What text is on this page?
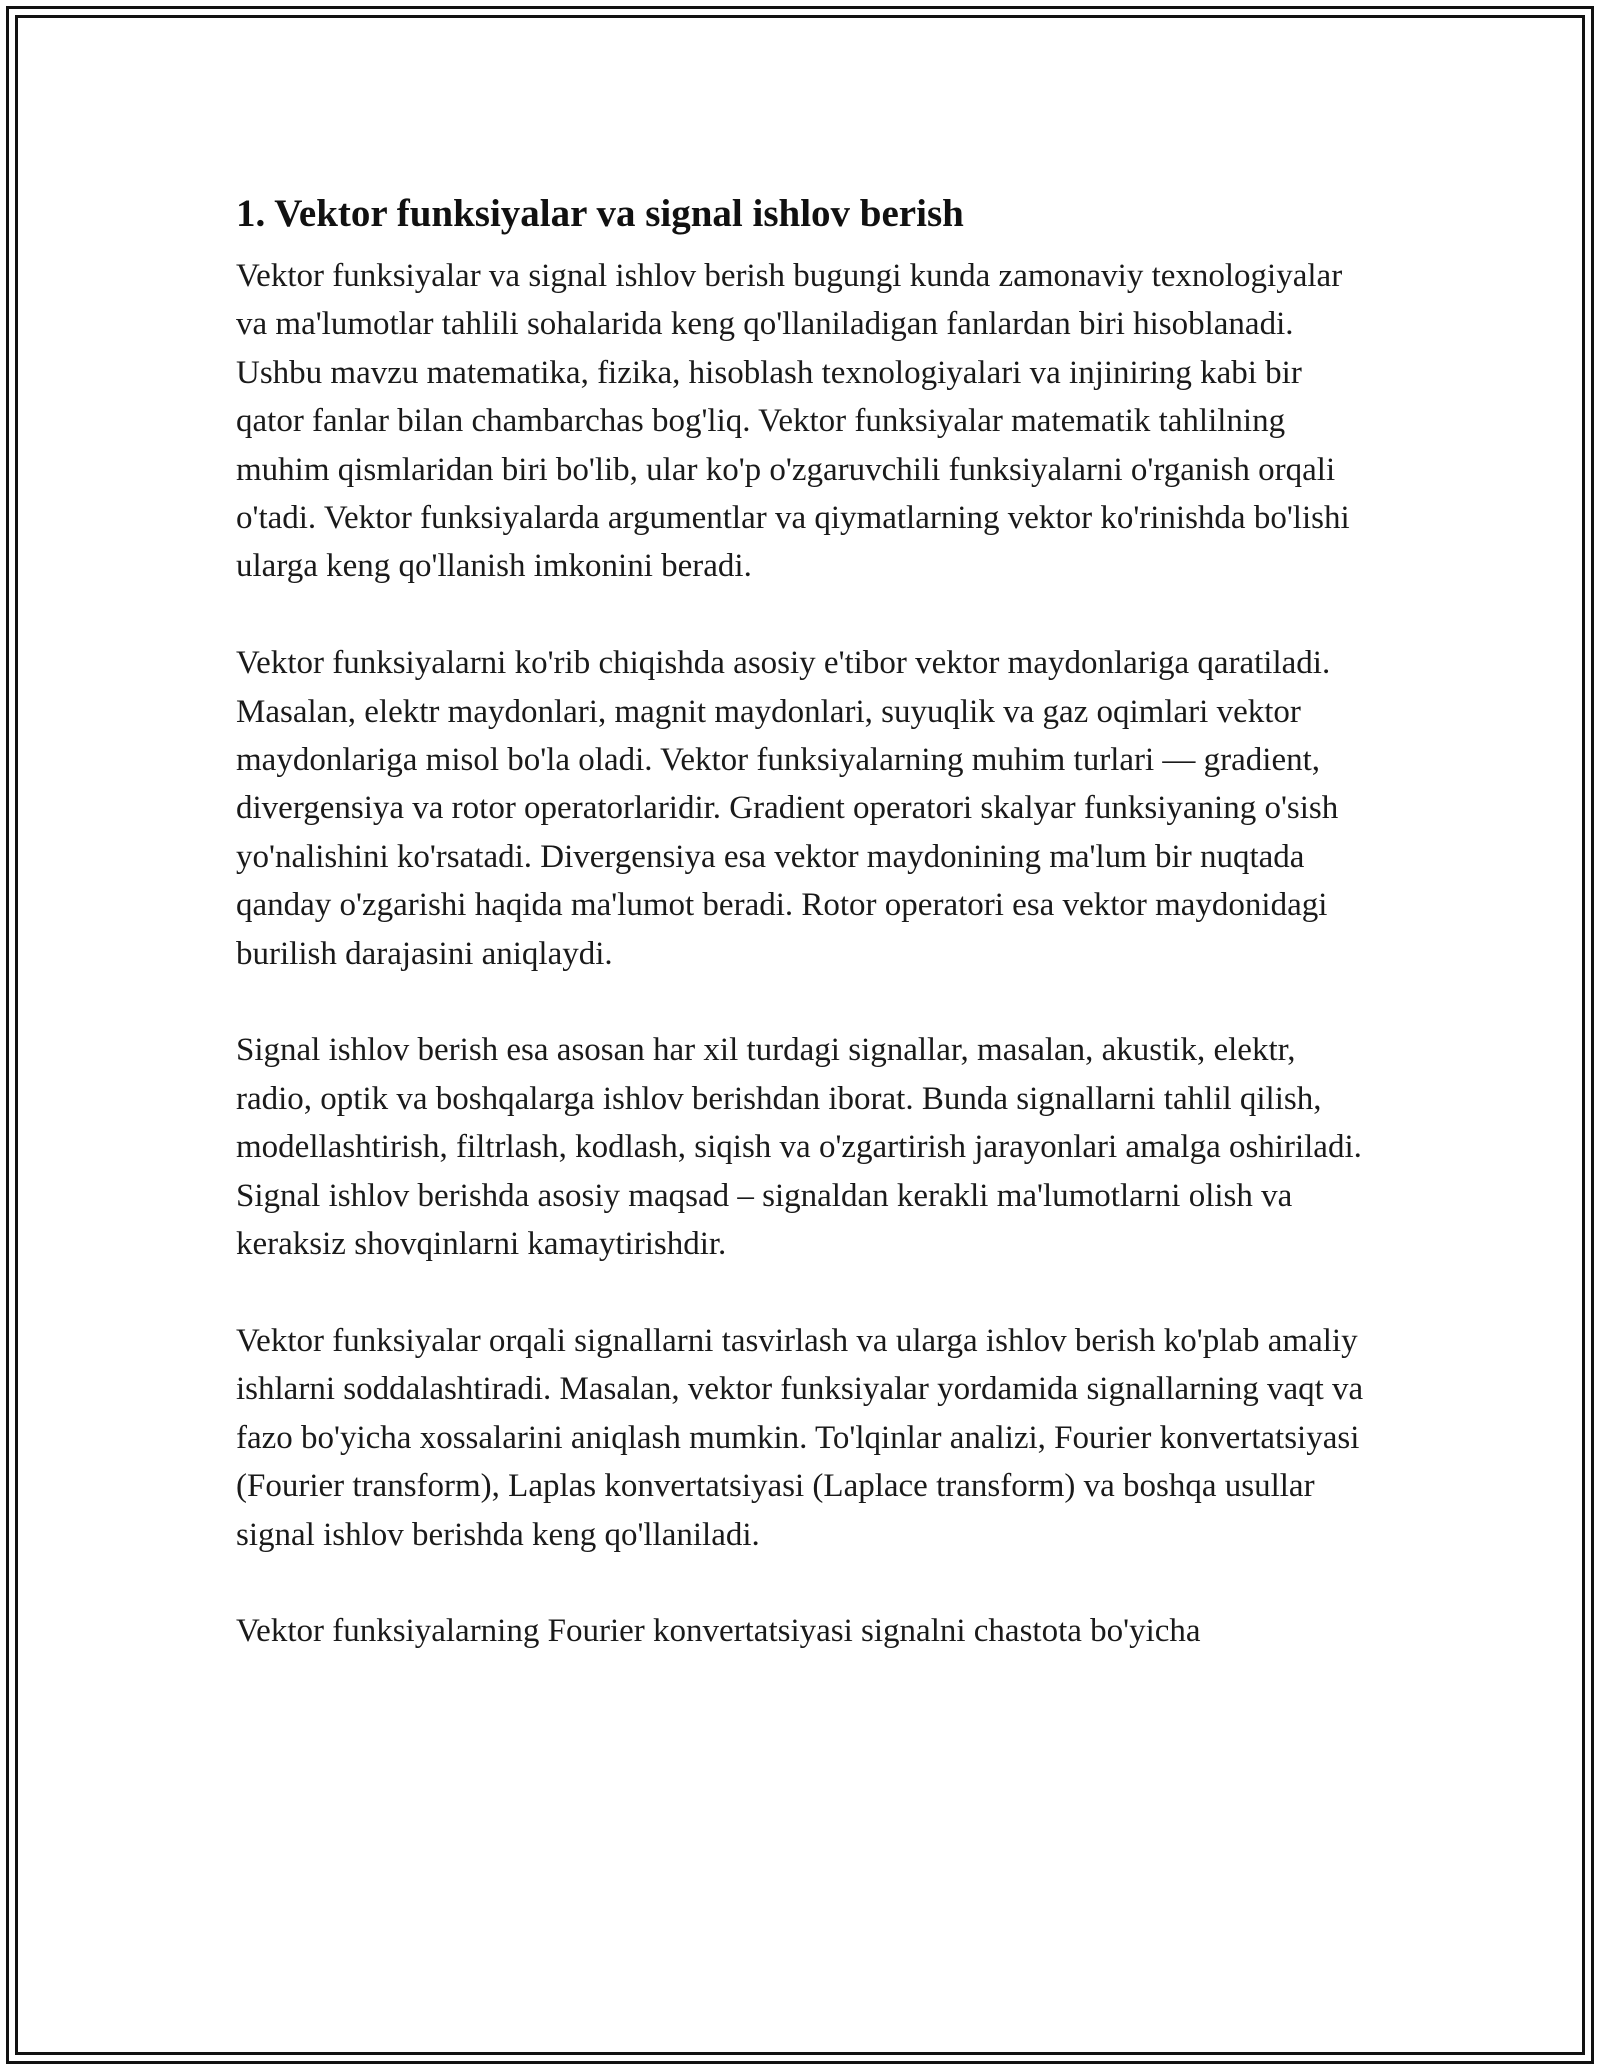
1. Vektor funksiyalar va signal ishlov berish

Vektor funksiyalar va signal ishlov berish bugungi kunda zamonaviy texnologiyalar va ma'lumotlar tahlili sohalarida keng qo'llaniladigan fanlardan biri hisoblanadi. Ushbu mavzu matematika, fizika, hisoblash texnologiyalari va injiniring kabi bir qator fanlar bilan chambarchas bog'liq. Vektor funksiyalar matematik tahlilning muhim qismlaridan biri bo'lib, ular ko'p o'zgaruvchili funksiyalarni o'rganish orqali o'tadi. Vektor funksiyalarda argumentlar va qiymatlarning vektor ko'rinishda bo'lishi ularga keng qo'llanish imkonini beradi.

Vektor funksiyalarni ko'rib chiqishda asosiy e'tibor vektor maydonlariga qaratiladi. Masalan, elektr maydonlari, magnit maydonlari, suyuqlik va gaz oqimlari vektor maydonlariga misol bo'la oladi. Vektor funksiyalarning muhim turlari — gradient, divergensiya va rotor operatorlaridir. Gradient operatori skalyar funksiyaning o'sish yo'nalishini ko'rsatadi. Divergensiya esa vektor maydonining ma'lum bir nuqtada qanday o'zgarishi haqida ma'lumot beradi. Rotor operatori esa vektor maydonidagi burilish darajasini aniqlaydi.

Signal ishlov berish esa asosan har xil turdagi signallar, masalan, akustik, elektr, radio, optik va boshqalarga ishlov berishdan iborat. Bunda signallarni tahlil qilish, modellashtirish, filtrlash, kodlash, siqish va o'zgartirish jarayonlari amalga oshiriladi. Signal ishlov berishda asosiy maqsad – signaldan kerakli ma'lumotlarni olish va keraksiz shovqinlarni kamaytirishdir.

Vektor funksiyalar orqali signallarni tasvirlash va ularga ishlov berish ko'plab amaliy ishlarni soddalashtiradi. Masalan, vektor funksiyalar yordamida signallarning vaqt va fazo bo'yicha xossalarini aniqlash mumkin. To'lqinlar analizi, Fourier konvertatsiyasi (Fourier transform), Laplas konvertatsiyasi (Laplace transform) va boshqa usullar signal ishlov berishda keng qo'llaniladi.

Vektor funksiyalarning Fourier konvertatsiyasi signalni chastota bo'yicha
